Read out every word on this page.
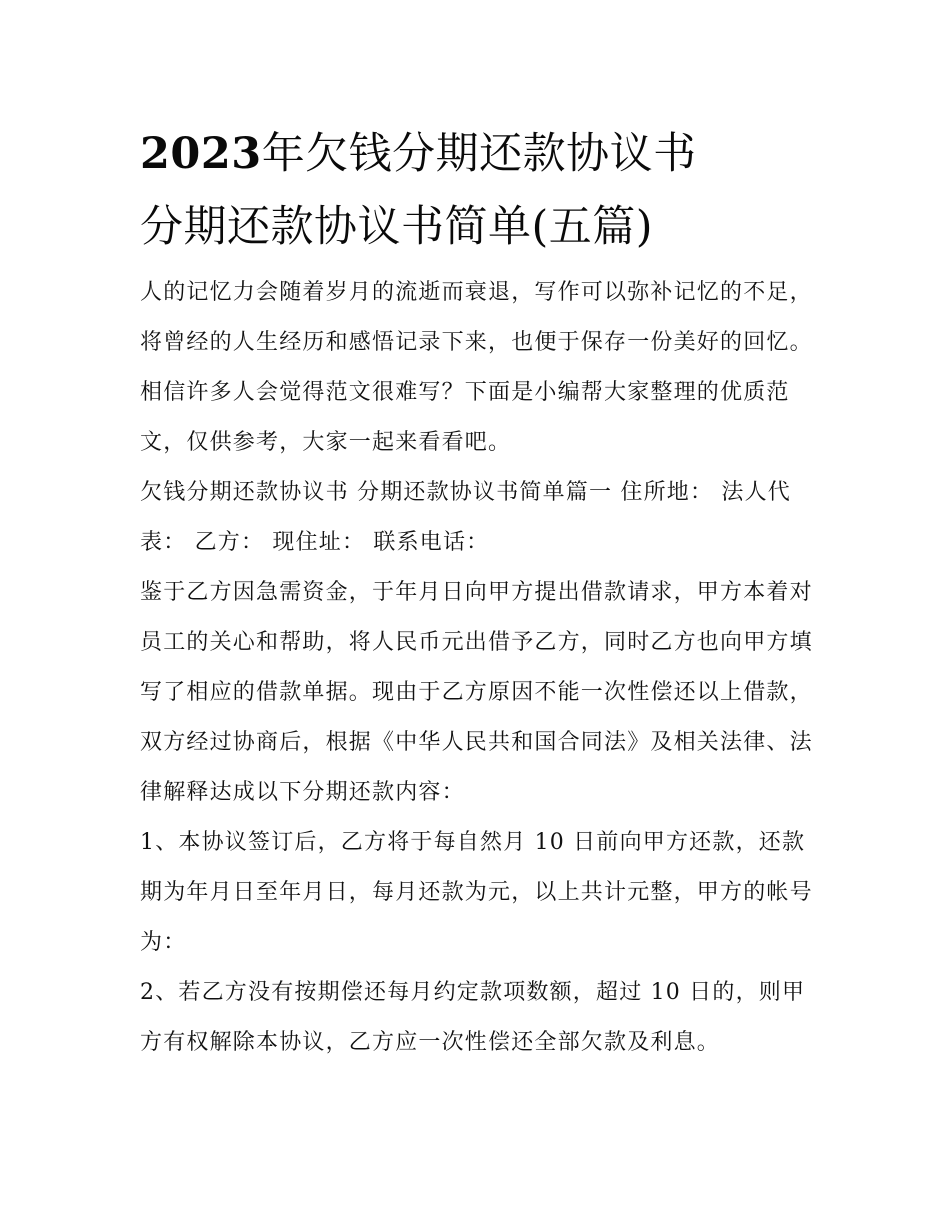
2023年欠钱分期还款协议书
分期还款协议书简单(五篇)

人的记忆力会随着岁月的流逝而衰退，写作可以弥补记忆的不足，将曾经的人生经历和感悟记录下来，也便于保存一份美好的回忆。相信许多人会觉得范文很难写？下面是小编帮大家整理的优质范文，仅供参考，大家一起来看看吧。

欠钱分期还款协议书 分期还款协议书简单篇一 住所地： 法人代表： 乙方： 现住址： 联系电话：

鉴于乙方因急需资金，于年月日向甲方提出借款请求，甲方本着对员工的关心和帮助，将人民币元出借予乙方，同时乙方也向甲方填写了相应的借款单据。现由于乙方原因不能一次性偿还以上借款，双方经过协商后，根据《中华人民共和国合同法》及相关法律、法律解释达成以下分期还款内容：

1、本协议签订后，乙方将于每自然月 10 日前向甲方还款，还款期为年月日至年月日，每月还款为元，以上共计元整，甲方的帐号为：

2、若乙方没有按期偿还每月约定款项数额，超过 10 日的，则甲方有权解除本协议，乙方应一次性偿还全部欠款及利息。
